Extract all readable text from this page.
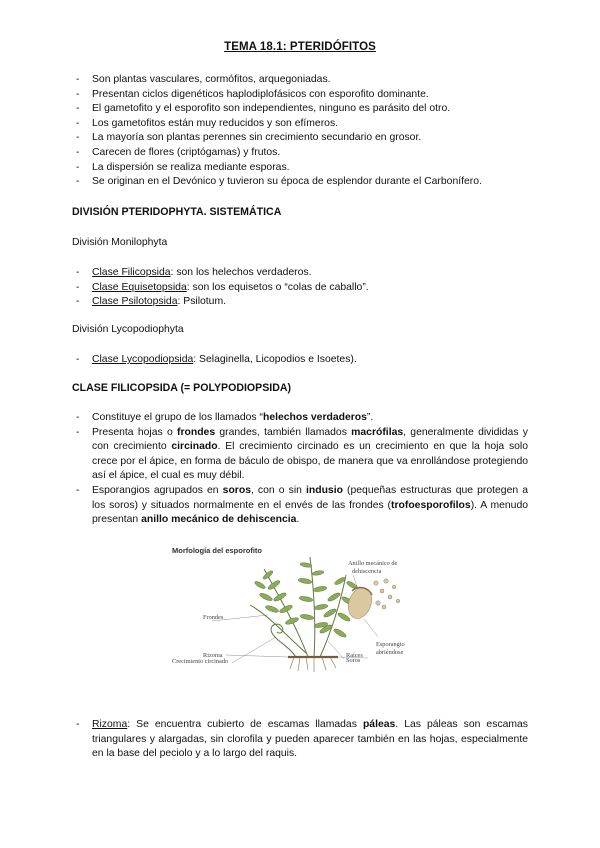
TEMA 18.1: PTERIDÓFITOS
- Son plantas vasculares, cormófitos, arquegoniadas.
- Presentan ciclos digenéticos haplodiplofásicos con esporofito dominante.
- El gametofito y el esporofito son independientes, ninguno es parásito del otro.
- Los gametofitos están muy reducidos y son efímeros.
- La mayoría son plantas perennes sin crecimiento secundario en grosor.
- Carecen de flores (criptógamas) y frutos.
- La dispersión se realiza mediante esporas.
- Se originan en el Devónico y tuvieron su época de esplendor durante el Carbonífero.
DIVISIÓN PTERIDOPHYTA. SISTEMÁTICA
División Monilophyta
- Clase Filicopsida: son los helechos verdaderos.
- Clase Equisetopsida: son los equisetos o “colas de caballo”.
- Clase Psilotopsida: Psilotum.
División Lycopodiophyta
- Clase Lycopodiopsida: Selaginella, Licopodios e Isoetes).
CLASE FILICOPSIDA (= POLYPODIOPSIDA)
- Constituye el grupo de los llamados “helechos verdaderos”.
- Presenta hojas o frondes grandes, también llamados macrófilas, generalmente divididas y con crecimiento circinado. El crecimiento circinado es un crecimiento en que la hoja solo crece por el ápice, en forma de báculo de obispo, de manera que va enrollándose protegiendo así el ápice, el cual es muy débil.
- Esporangios agrupados en soros, con o sin indusio (pequeñas estructuras que protegen a los soros) y situados normalmente en el envés de las frondes (trofoesporofilos). A menudo presentan anillo mecánico de dehiscencia.
Morfología del esporofito
Anillo mecánico de
dehiscencia
Frondes
Esporangio
abriéndose
Crecimiento circinado	Soros
Rizoma	Raíces
- Rizoma: Se encuentra cubierto de escamas llamadas páleas. Las páleas son escamas triangulares y alargadas, sin clorofila y pueden aparecer también en las hojas, especialmente en la base del peciolo y a lo largo del raquis.
